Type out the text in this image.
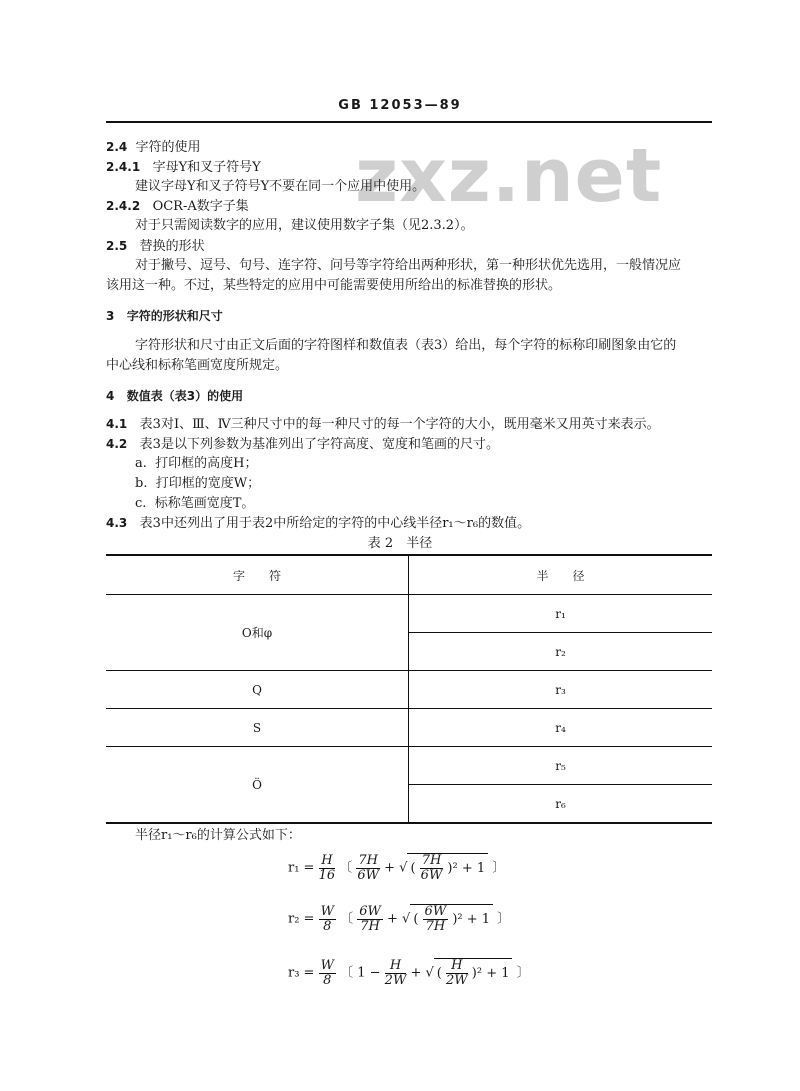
GB 12053—89
zxz.net
2.4 字符的使用
2.4.1 字母Y和叉子符号Y
建议字母Y和叉子符号Y不要在同一个应用中使用。
2.4.2 OCR-A数字子集
对于只需阅读数字的应用，建议使用数字子集（见2.3.2）。
2.5 替换的形状
对于撇号、逗号、句号、连字符、问号等字符给出两种形状，第一种形状优先选用，一般情况应
该用这一种。不过，某些特定的应用中可能需要使用所给出的标准替换的形状。
3 字符的形状和尺寸
字符形状和尺寸由正文后面的字符图样和数值表（表3）给出，每个字符的标称印刷图象由它的
中心线和标称笔画宽度所规定。
4 数值表（表3）的使用
4.1 表3对Ⅰ、Ⅲ、Ⅳ三种尺寸中的每一种尺寸的每一个字符的大小，既用毫米又用英寸来表示。
4.2 表3是以下列参数为基准列出了字符高度、宽度和笔画的尺寸。
a. 打印框的高度H；
b. 打印框的宽度W；
c. 标称笔画宽度T。
4.3 表3中还列出了用于表2中所给定的字符的中心线半径r₁～r₆的数值。
表 2　半径
字　　符	半　　径
O和φ	r₁
	r₂
Q	r₃
S	r₄
Ö	r₅
	r₆
半径r₁～r₆的计算公式如下：
$r_1 = \frac{H}{16}$ 〔 $\frac{7H}{6W}$ + √ ( $\frac{7H}{6W} )^2 + 1$ 〕
$r_2 = \frac{W}{8}$ 〔 $\frac{6W}{7H}$ + √ ( $\frac{6W}{7H} )^2 + 1$ 〕
$r_3 = \frac{W}{8}$ 〔 $1 - \frac{H}{2W}$ + √ ( $\frac{H}{2W} )^2 + 1$ 〕
